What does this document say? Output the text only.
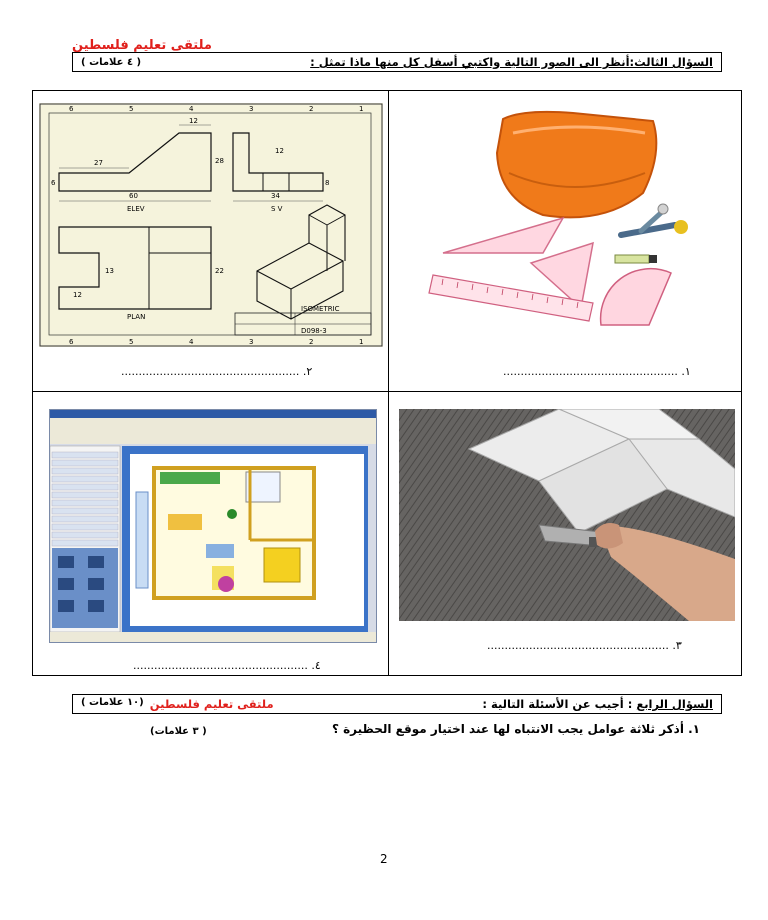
ملتقى تعليم فلسطين
( ٤ علامات )	السؤال الثالث:أنظر الى الصور التالية واكتبي أسفل كل منها ماذا تمثل :
6	5	4	3	2	1
6	5	4	3	2	1
60
27
12
28
6
ELEV
34
12
8
S V
13
12
22
PLAN
ISOMETRIC
D098-3
................................................... .٢	.................................................. .١
.................................................. .٤
.................................................... .٣
ملتقى تعليم فلسطين
(١٠ علامات )	السؤال الرابع : أجيب عن الأسئلة التالية :
١. أذكر ثلاثة عوامل يجب الانتباه لها عند اختيار موقع الحظيرة ؟
(٣ علامات )
2
